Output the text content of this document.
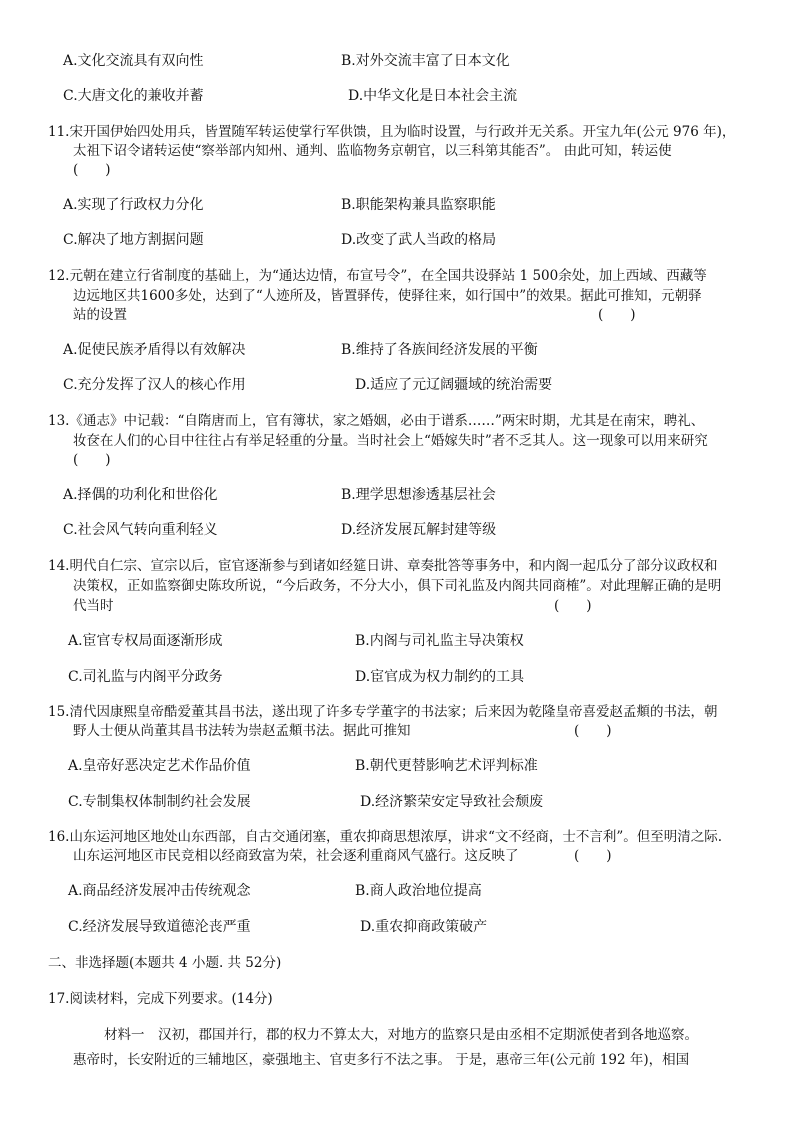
A.文化交流具有双向性	B.对外交流丰富了日本文化
C.大唐文化的兼收并蓄	D.中华文化是日本社会主流
11.宋开国伊始四处用兵，皆置随军转运使掌行军供馈，且为临时设置，与行政并无关系。开宝九年(公元 976 年)，
太祖下诏令诸转运使“察举部内知州、通判、监临物务京朝官，以三科第其能否”。 由此可知，转运使
(　　)
A.实现了行政权力分化	B.职能架构兼具监察职能
C.解决了地方割据问题	D.改变了武人当政的格局
12.元朝在建立行省制度的基础上，为“通达边情，布宣号令”，在全国共设驿站 1 500余处，加上西域、西藏等
边远地区共1600多处，达到了“人迹所及，皆置驿传，使驿往来，如行国中”的效果。据此可推知，元朝驿
站的设置	(　　)
A.促使民族矛盾得以有效解决	B.维持了各族间经济发展的平衡
C.充分发挥了汉人的核心作用	D.适应了元辽阔疆域的统治需要
13.《通志》中记载：“自隋唐而上，官有簿状，家之婚姻，必由于谱系……”两宋时期，尤其是在南宋，聘礼、
妆奁在人们的心目中往往占有举足轻重的分量。当时社会上“婚嫁失时”者不乏其人。这一现象可以用来研究
(　　)
A.择偶的功利化和世俗化	B.理学思想渗透基层社会
C.社会风气转向重利轻义	D.经济发展瓦解封建等级
14.明代自仁宗、宣宗以后，宦官逐渐参与到诸如经筵日讲、章奏批答等事务中，和内阁一起瓜分了部分议政权和
决策权，正如监察御史陈玫所说，“今后政务，不分大小，俱下司礼监及内阁共同商榷”。对此理解正确的是明
代当时	(　　)
A.宦官专权局面逐渐形成	B.内阁与司礼监主导决策权
C.司礼监与内阁平分政务	D.宦官成为权力制约的工具
15.清代因康熙皇帝酷爱董其昌书法，遂出现了许多专学董字的书法家；后来因为乾隆皇帝喜爱赵孟頫的书法，朝
野人士便从尚董其昌书法转为崇赵孟頫书法。据此可推知	(　　)
A.皇帝好恶决定艺术作品价值	B.朝代更替影响艺术评判标准
C.专制集权体制制约社会发展	D.经济繁荣安定导致社会颓废
16.山东运河地区地处山东西部，自古交通闭塞，重农抑商思想浓厚，讲求“文不经商，士不言利”。但至明清之际.
山东运河地区市民竞相以经商致富为荣，社会逐利重商风气盛行。这反映了	(　　)
A.商品经济发展冲击传统观念	B.商人政治地位提高
C.经济发展导致道德沦丧严重	D.重农抑商政策破产
二、非选择题(本题共 4 小题. 共 52分)
17.阅读材料，完成下列要求。(14分)
材料一　汉初，郡国并行，郡的权力不算太大，对地方的监察只是由丞相不定期派使者到各地巡察。
惠帝时，长安附近的三辅地区，豪强地主、官吏多行不法之事。 于是，惠帝三年(公元前 192 年)，相国
